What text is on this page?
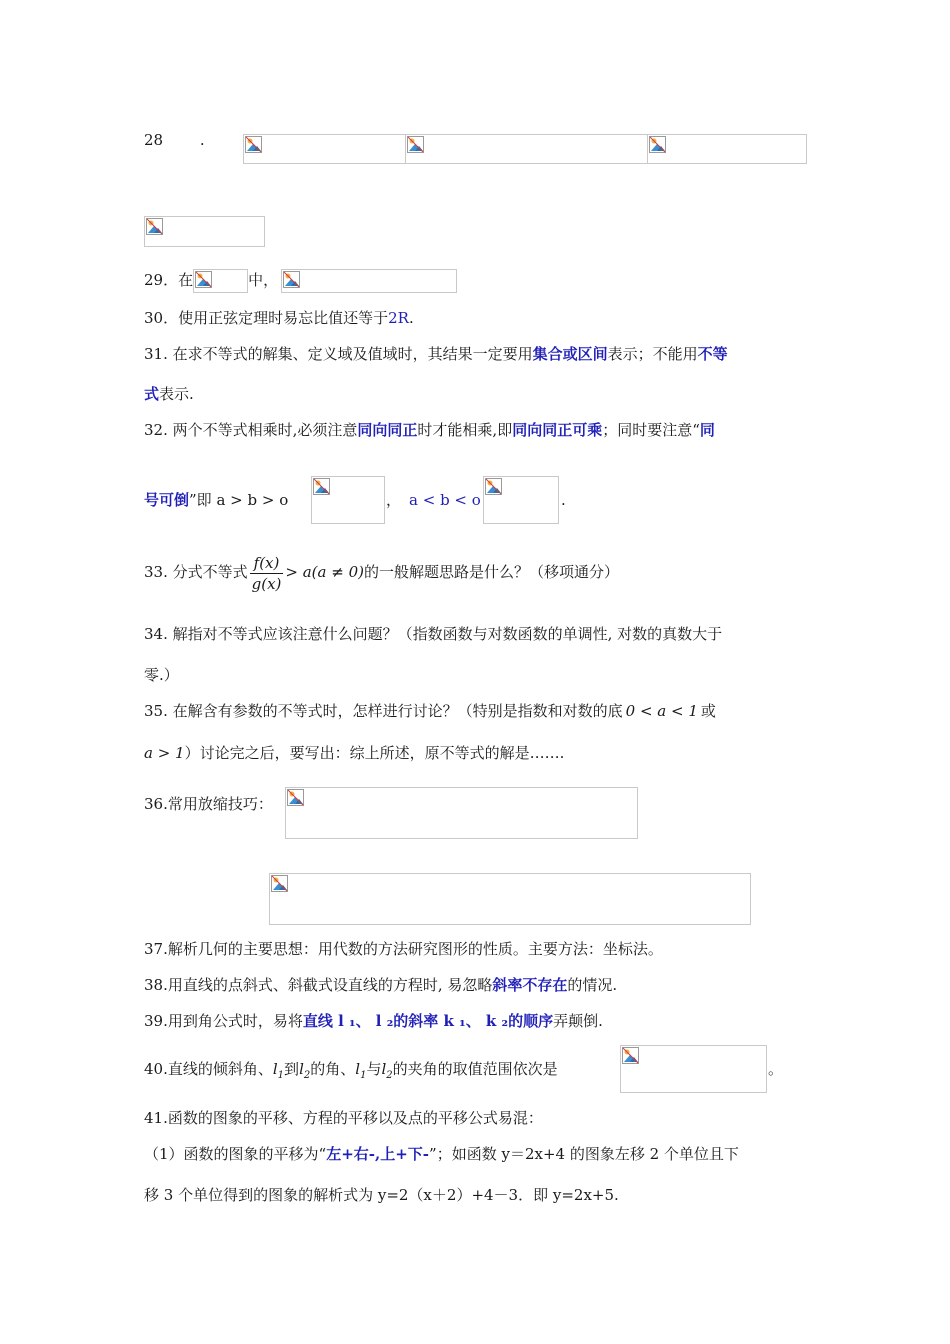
28 .
29．在	中，
30．使用正弦定理时易忘比值还等于2R.
31. 在求不等式的解集、定义域及值域时，其结果一定要用集合或区间表示；不能用不等
式表示.
32. 两个不等式相乘时,必须注意同向同正时才能相乘,即同向同正可乘；同时要注意“同
号可倒”即 a > b > o	， a < b < o	.
33. 分式不等式 $\frac{f(x)}{g(x)} > a(a \ne 0)$的一般解题思路是什么？（移项通分）
34. 解指对不等式应该注意什么问题？（指数函数与对数函数的单调性, 对数的真数大于
零.）
35. 在解含有参数的不等式时，怎样进行讨论？（特别是指数和对数的底 0 < a < 1 或
a > 1）讨论完之后，要写出：综上所述，原不等式的解是…….
36.常用放缩技巧：
37.解析几何的主要思想：用代数的方法研究图形的性质。主要方法：坐标法。
38.用直线的点斜式、斜截式设直线的方程时, 易忽略斜率不存在的情况.
39.用到角公式时，易将直线 l ₁、 l ₂的斜率 k ₁、 k ₂的顺序弄颠倒.
40.直线的倾斜角、$l_1$到$l_2$的角、$l_1$与$l_2$的夹角的取值范围依次是	。
41.函数的图象的平移、方程的平移以及点的平移公式易混：
（1）函数的图象的平移为“左+右-,上+下-”；如函数 y＝2x+4 的图象左移 2 个单位且下
移 3 个单位得到的图象的解析式为 y=2（x＋2）+4－3．即 y=2x+5.
